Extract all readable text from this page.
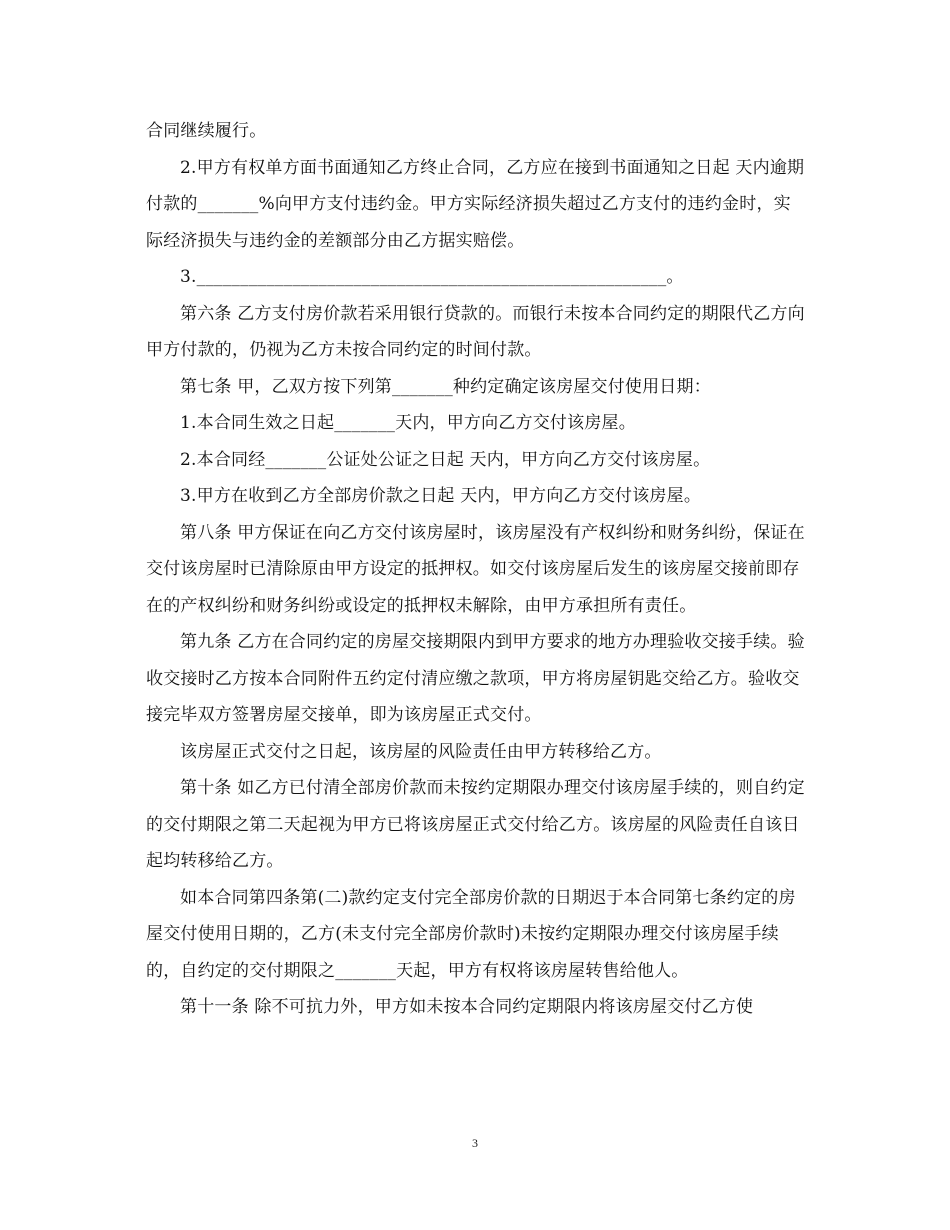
合同继续履行。

2.甲方有权单方面书面通知乙方终止合同，乙方应在接到书面通知之日起 天内逾期付款的_______%向甲方支付违约金。甲方实际经济损失超过乙方支付的违约金时，实际经济损失与违约金的差额部分由乙方据实赔偿。

3.______________________________________________________。

第六条 乙方支付房价款若采用银行贷款的。而银行未按本合同约定的期限代乙方向甲方付款的，仍视为乙方未按合同约定的时间付款。

第七条 甲，乙双方按下列第_______种约定确定该房屋交付使用日期：

1.本合同生效之日起_______天内，甲方向乙方交付该房屋。

2.本合同经_______公证处公证之日起 天内，甲方向乙方交付该房屋。

3.甲方在收到乙方全部房价款之日起 天内，甲方向乙方交付该房屋。

第八条 甲方保证在向乙方交付该房屋时，该房屋没有产权纠纷和财务纠纷，保证在交付该房屋时已清除原由甲方设定的抵押权。如交付该房屋后发生的该房屋交接前即存在的产权纠纷和财务纠纷或设定的抵押权未解除，由甲方承担所有责任。

第九条 乙方在合同约定的房屋交接期限内到甲方要求的地方办理验收交接手续。验收交接时乙方按本合同附件五约定付清应缴之款项，甲方将房屋钥匙交给乙方。验收交接完毕双方签署房屋交接单，即为该房屋正式交付。

该房屋正式交付之日起，该房屋的风险责任由甲方转移给乙方。

第十条 如乙方已付清全部房价款而未按约定期限办理交付该房屋手续的，则自约定的交付期限之第二天起视为甲方已将该房屋正式交付给乙方。该房屋的风险责任自该日起均转移给乙方。

如本合同第四条第(二)款约定支付完全部房价款的日期迟于本合同第七条约定的房屋交付使用日期的，乙方(未支付完全部房价款时)未按约定期限办理交付该房屋手续的，自约定的交付期限之_______天起，甲方有权将该房屋转售给他人。

第十一条 除不可抗力外，甲方如未按本合同约定期限内将该房屋交付乙方使

3
